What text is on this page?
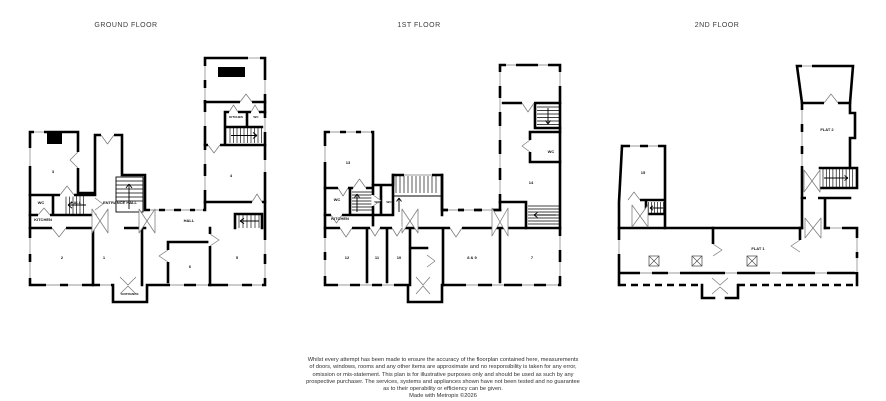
GROUND FLOOR	1ST FLOOR	2ND FLOOR
3
WC
KITCHEN
HALL	ENTRANCE HALL
HALL
2	1
6
5
4
KITCHEN	WC
ENTRANCE
13
WC
KITCHEN
WC WC
14
WC
12	11	10	8 & 9	7
FLAT 2
15
FLAT 1
Whilst every attempt has been made to ensure the accuracy of the floorplan contained here, measurements
of doors, windows, rooms and any other items are approximate and no responsibility is taken for any error,
omission or mis-statement. This plan is for illustrative purposes only and should be used as such by any
prospective purchaser. The services, systems and appliances shown have not been tested and no guarantee
as to their operability or efficiency can be given.
Made with Metropix ©2026
